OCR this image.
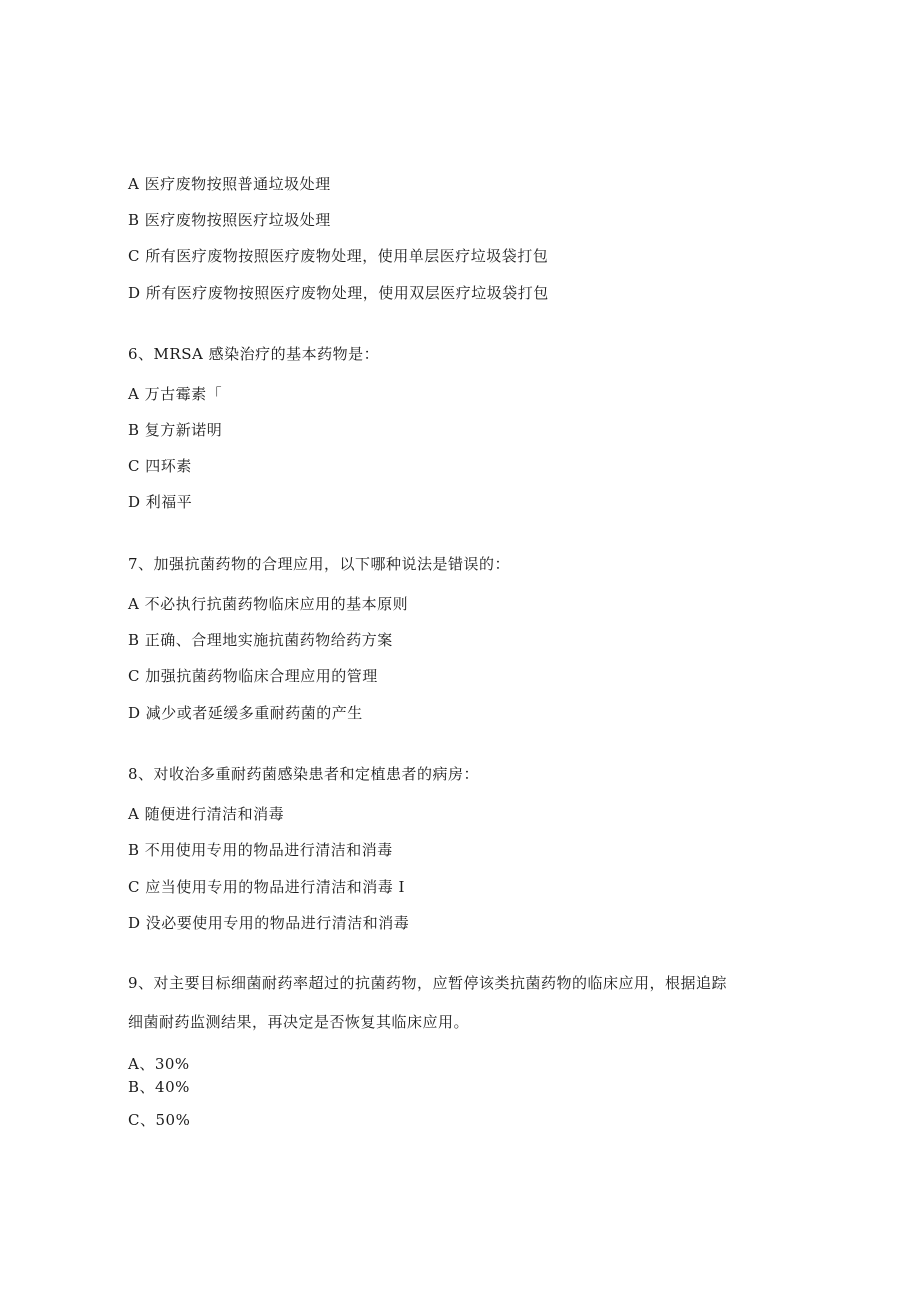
A 医疗废物按照普通垃圾处理
B 医疗废物按照医疗垃圾处理
C 所有医疗废物按照医疗废物处理，使用单层医疗垃圾袋打包
D 所有医疗废物按照医疗废物处理，使用双层医疗垃圾袋打包
6、MRSA 感染治疗的基本药物是：
A 万古霉素「
B 复方新诺明
C 四环素
D 利福平
7、加强抗菌药物的合理应用，以下哪种说法是错误的：
A 不必执行抗菌药物临床应用的基本原则
B 正确、合理地实施抗菌药物给药方案
C 加强抗菌药物临床合理应用的管理
D 减少或者延缓多重耐药菌的产生
8、对收治多重耐药菌感染患者和定植患者的病房：
A 随便进行清洁和消毒
B 不用使用专用的物品进行清洁和消毒
C 应当使用专用的物品进行清洁和消毒 I
D 没必要使用专用的物品进行清洁和消毒
9、对主要目标细菌耐药率超过的抗菌药物，应暂停该类抗菌药物的临床应用，根据追踪
细菌耐药监测结果，再决定是否恢复其临床应用。
A、30%
B、40%
C、50%
